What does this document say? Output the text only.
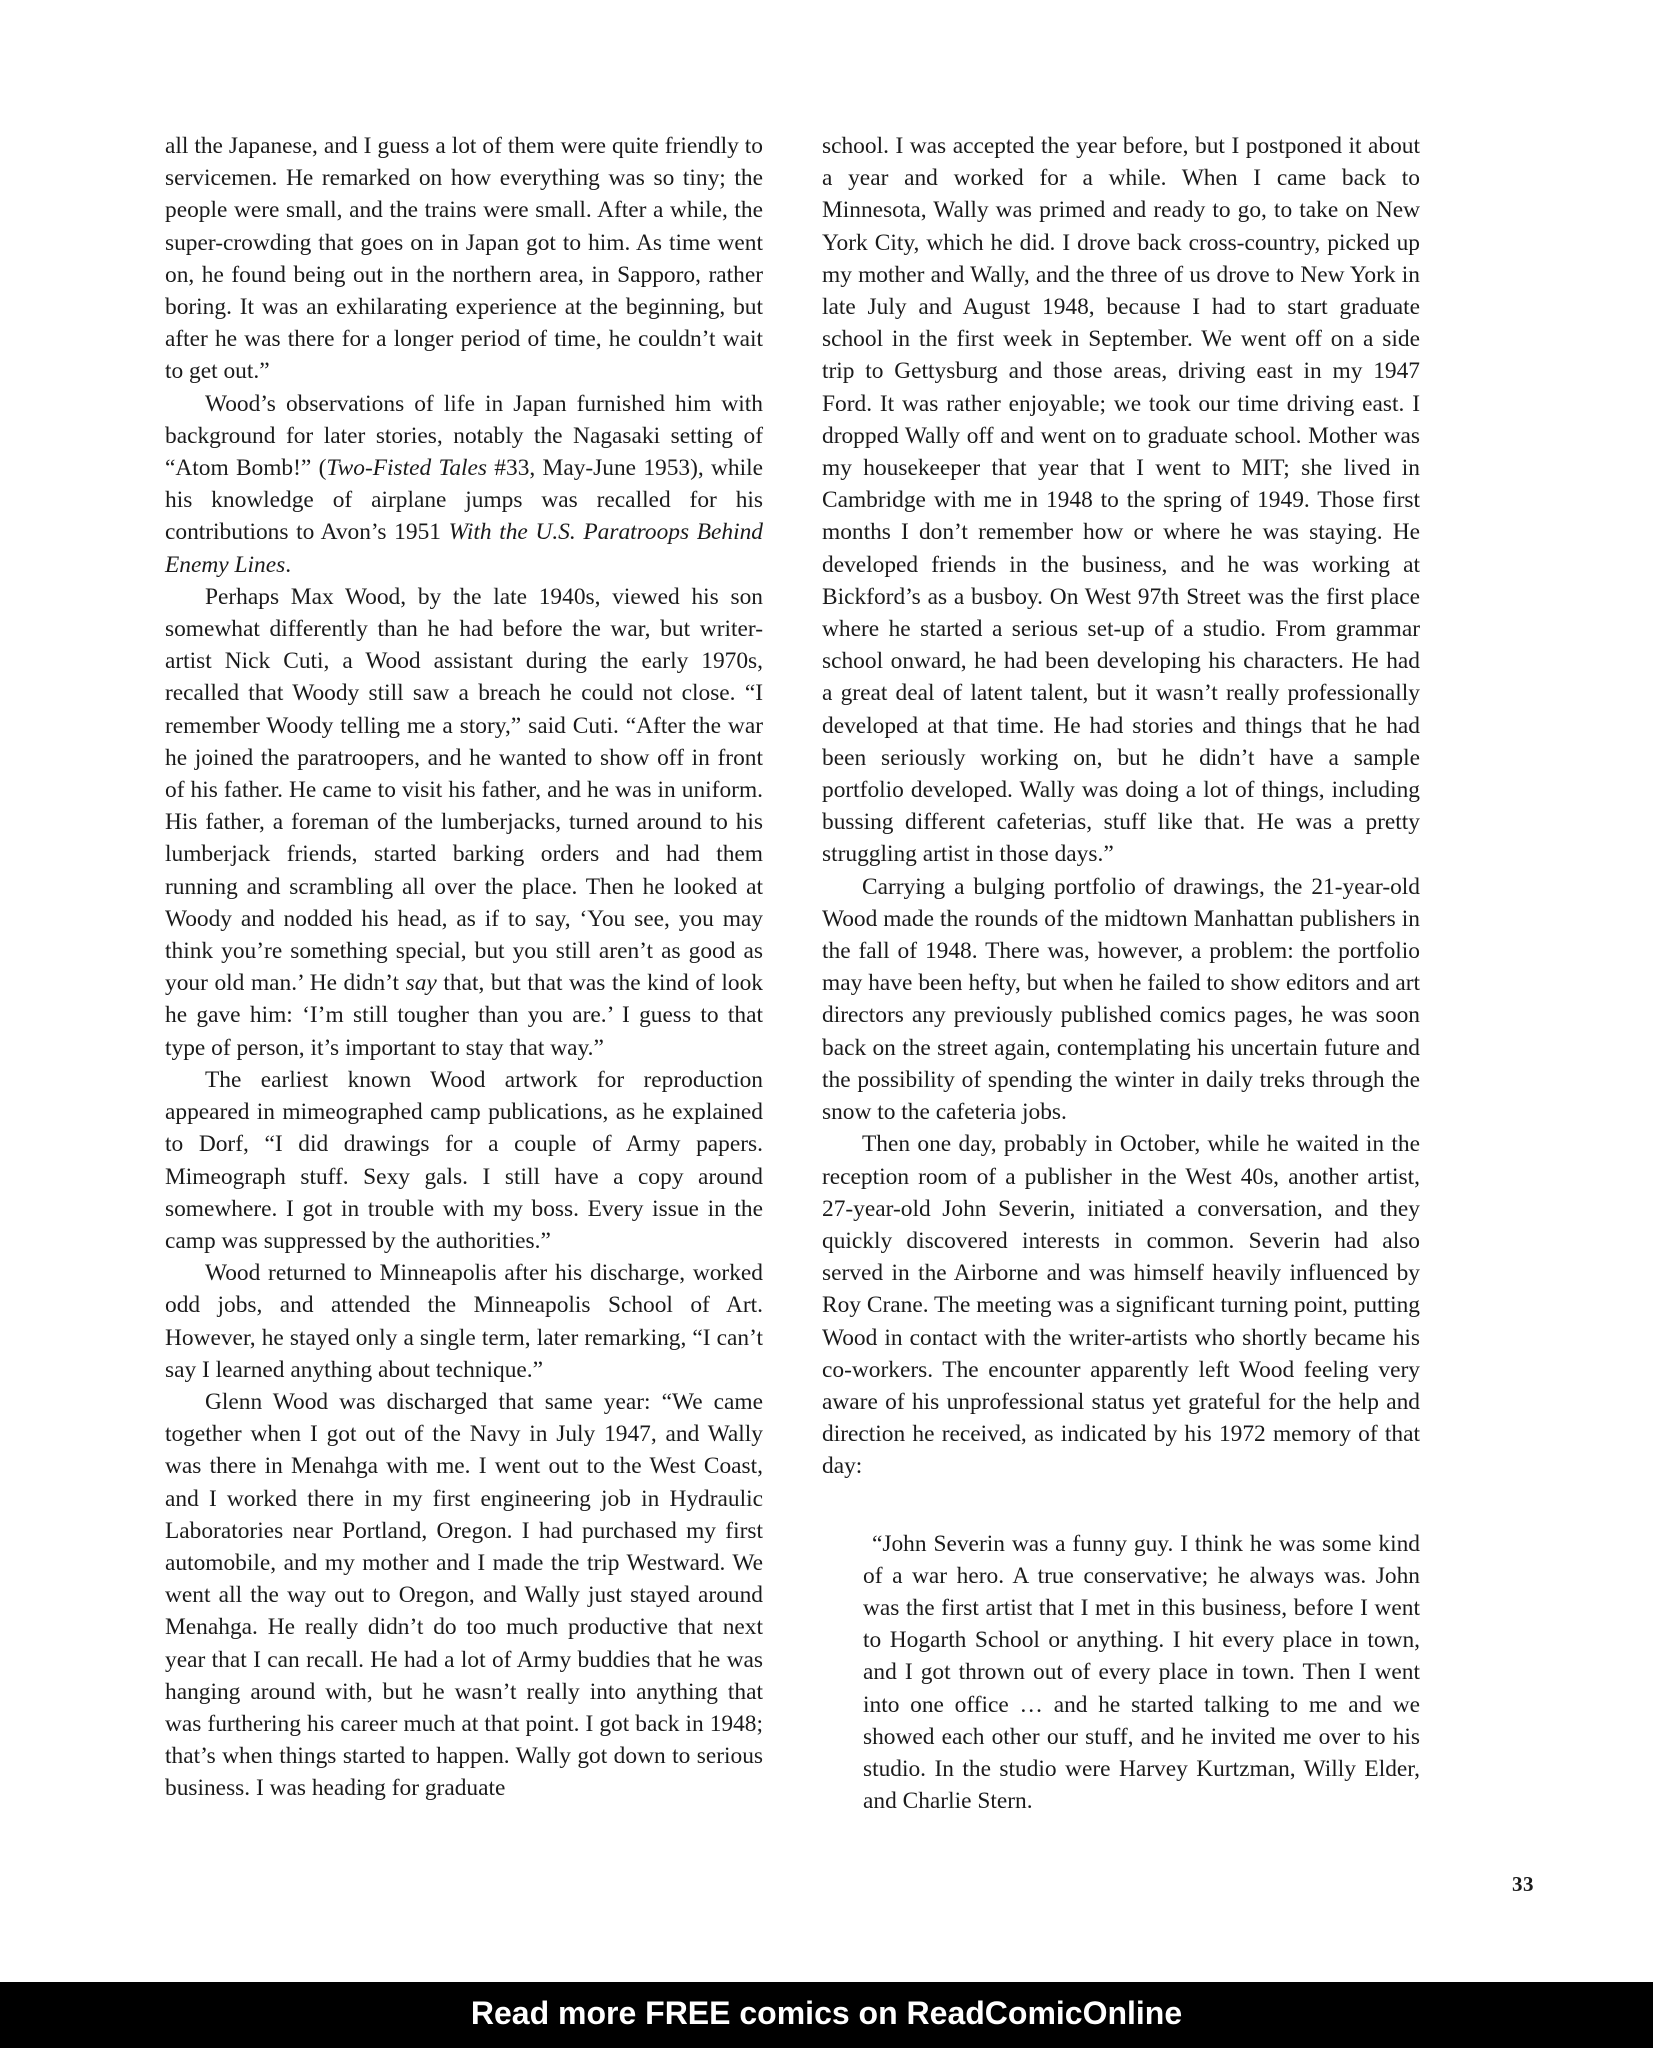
all the Japanese, and I guess a lot of them were quite friendly to servicemen. He remarked on how everything was so tiny; the people were small, and the trains were small. After a while, the super-crowding that goes on in Japan got to him. As time went on, he found being out in the northern area, in Sapporo, rather boring. It was an exhilarating experience at the beginning, but after he was there for a longer period of time, he couldn’t wait to get out.”

Wood’s observations of life in Japan furnished him with background for later stories, notably the Nagasaki setting of “Atom Bomb!” (Two-Fisted Tales #33, May-June 1953), while his knowledge of airplane jumps was recalled for his contributions to Avon’s 1951 With the U.S. Paratroops Behind Enemy Lines.

Perhaps Max Wood, by the late 1940s, viewed his son somewhat differently than he had before the war, but writer-artist Nick Cuti, a Wood assistant during the early 1970s, recalled that Woody still saw a breach he could not close. “I remember Woody telling me a story,” said Cuti. “After the war he joined the paratroopers, and he wanted to show off in front of his father. He came to visit his father, and he was in uniform. His father, a foreman of the lumberjacks, turned around to his lumberjack friends, started barking orders and had them running and scrambling all over the place. Then he looked at Woody and nodded his head, as if to say, ‘You see, you may think you’re something special, but you still aren’t as good as your old man.’ He didn’t say that, but that was the kind of look he gave him: ‘I’m still tougher than you are.’ I guess to that type of person, it’s important to stay that way.”

The earliest known Wood artwork for reproduction appeared in mimeographed camp publications, as he explained to Dorf, “I did drawings for a couple of Army papers. Mimeograph stuff. Sexy gals. I still have a copy around somewhere. I got in trouble with my boss. Every issue in the camp was suppressed by the authorities.”

Wood returned to Minneapolis after his discharge, worked odd jobs, and attended the Minneapolis School of Art. However, he stayed only a single term, later remarking, “I can’t say I learned anything about technique.”

Glenn Wood was discharged that same year: “We came together when I got out of the Navy in July 1947, and Wally was there in Menahga with me. I went out to the West Coast, and I worked there in my first engineering job in Hydraulic Laboratories near Portland, Oregon. I had purchased my first automobile, and my mother and I made the trip Westward. We went all the way out to Oregon, and Wally just stayed around Menahga. He really didn’t do too much productive that next year that I can recall. He had a lot of Army buddies that he was hanging around with, but he wasn’t really into anything that was furthering his career much at that point. I got back in 1948; that’s when things started to happen. Wally got down to serious business. I was heading for graduate

school. I was accepted the year before, but I postponed it about a year and worked for a while. When I came back to Minnesota, Wally was primed and ready to go, to take on New York City, which he did. I drove back cross-country, picked up my mother and Wally, and the three of us drove to New York in late July and August 1948, because I had to start graduate school in the first week in September. We went off on a side trip to Gettysburg and those areas, driving east in my 1947 Ford. It was rather enjoyable; we took our time driving east. I dropped Wally off and went on to graduate school. Mother was my housekeeper that year that I went to MIT; she lived in Cambridge with me in 1948 to the spring of 1949. Those first months I don’t remember how or where he was staying. He developed friends in the business, and he was working at Bickford’s as a busboy. On West 97th Street was the first place where he started a serious set-up of a studio. From grammar school onward, he had been developing his characters. He had a great deal of latent talent, but it wasn’t really professionally developed at that time. He had stories and things that he had been seriously working on, but he didn’t have a sample portfolio developed. Wally was doing a lot of things, including bussing different cafeterias, stuff like that. He was a pretty struggling artist in those days.”

Carrying a bulging portfolio of drawings, the 21-year-old Wood made the rounds of the midtown Manhattan publishers in the fall of 1948. There was, however, a problem: the portfolio may have been hefty, but when he failed to show editors and art directors any previously published comics pages, he was soon back on the street again, contemplating his uncertain future and the possibility of spending the winter in daily treks through the snow to the cafeteria jobs.

Then one day, probably in October, while he waited in the reception room of a publisher in the West 40s, another artist, 27-year-old John Severin, initiated a conversation, and they quickly discovered interests in common. Severin had also served in the Airborne and was himself heavily influenced by Roy Crane. The meeting was a significant turning point, putting Wood in contact with the writer-artists who shortly became his co-workers. The encounter apparently left Wood feeling very aware of his unprofessional status yet grateful for the help and direction he received, as indicated by his 1972 memory of that day:

“John Severin was a funny guy. I think he was some kind of a war hero. A true conservative; he always was. John was the first artist that I met in this business, before I went to Hogarth School or anything. I hit every place in town, and I got thrown out of every place in town. Then I went into one office … and he started talking to me and we showed each other our stuff, and he invited me over to his studio. In the studio were Harvey Kurtzman, Willy Elder, and Charlie Stern.

33
Read more FREE comics on ReadComicOnline
